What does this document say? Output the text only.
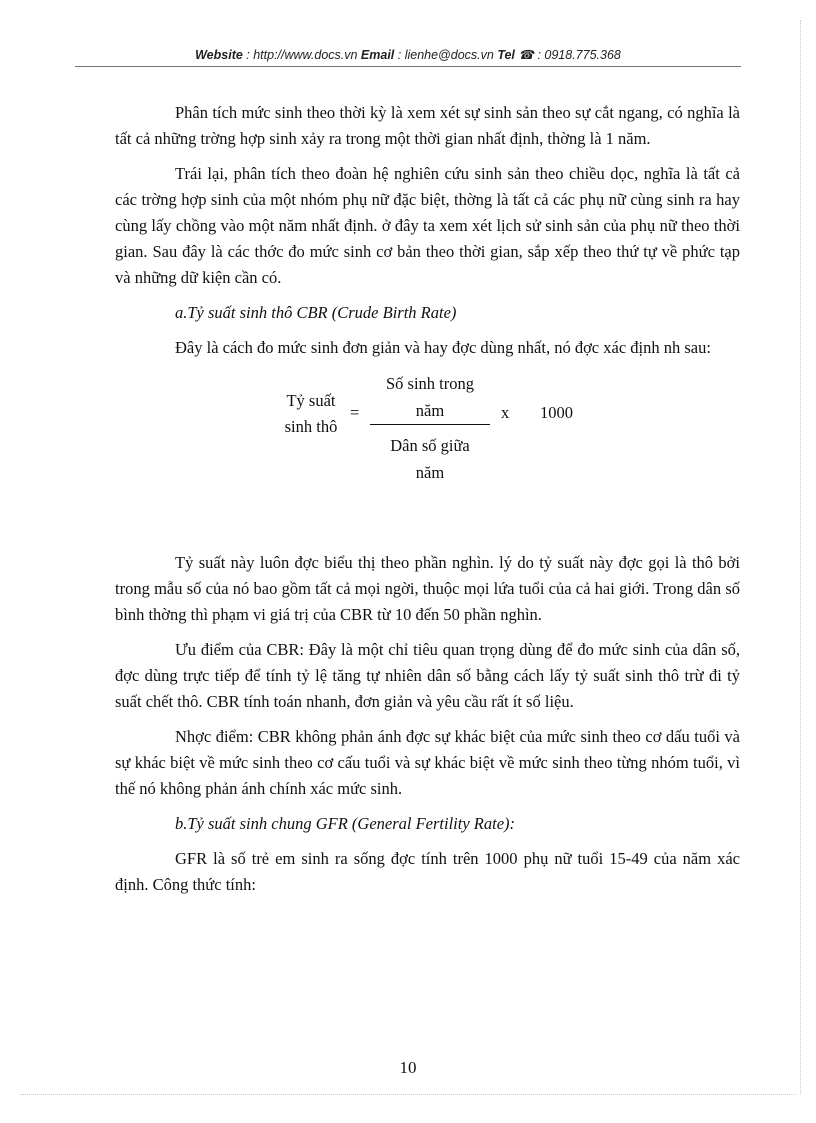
Website : http://www.docs.vn Email : lienhe@docs.vn Tel ☎ : 0918.775.368

Phân tích mức sinh theo thời kỳ là xem xét sự sinh sản theo sự cắt ngang, có nghĩa là tất cả những trờng hợp sinh xảy ra trong một thời gian nhất định, thờng là 1 năm.

Trái lại, phân tích theo đoàn hệ nghiên cứu sinh sản theo chiều dọc, nghĩa là tất cả các trờng hợp sinh của một nhóm phụ nữ đặc biệt, thờng là tất cả các phụ nữ cùng sinh ra hay cùng lấy chồng vào một năm nhất định. ở đây ta xem xét lịch sử sinh sản của phụ nữ theo thời gian. Sau đây là các thớc đo mức sinh cơ bản theo thời gian, sắp xếp theo thứ tự về phức tạp và những dữ kiện cần có.

a.Tỷ suất sinh thô CBR (Crude Birth Rate)

Đây là cách đo mức sinh đơn giản và hay đợc dùng nhất, nó đợc xác định nh sau:

Tỷ suất
sinh thô
=
Số sinh trong
năm
Dân số giữa
năm
x 1000

Tỷ suất này luôn đợc biểu thị theo phần nghìn. lý do tỷ suất này đợc gọi là thô bởi trong mẫu số của nó bao gồm tất cả mọi ngời, thuộc mọi lứa tuổi của cả hai giới. Trong dân số bình thờng thì phạm vi giá trị của CBR từ 10 đến 50 phần nghìn.

Ưu điểm của CBR: Đây là một chỉ tiêu quan trọng dùng để đo mức sinh của dân số, đợc dùng trực tiếp để tính tỷ lệ tăng tự nhiên dân số bằng cách lấy tỷ suất sinh thô trừ đi tỷ suất chết thô. CBR tính toán nhanh, đơn giản và yêu cầu rất ít số liệu.

Nhợc điểm: CBR không phản ánh đợc sự khác biệt của mức sinh theo cơ dấu tuổi và sự khác biệt về mức sinh theo cơ cấu tuổi và sự khác biệt về mức sinh theo từng nhóm tuổi, vì thế nó không phản ánh chính xác mức sinh.

b.Tỷ suất sinh chung GFR (General Fertility Rate):

GFR là số trẻ em sinh ra sống đợc tính trên 1000 phụ nữ tuổi 15-49 của năm xác định. Công thức tính:

10
